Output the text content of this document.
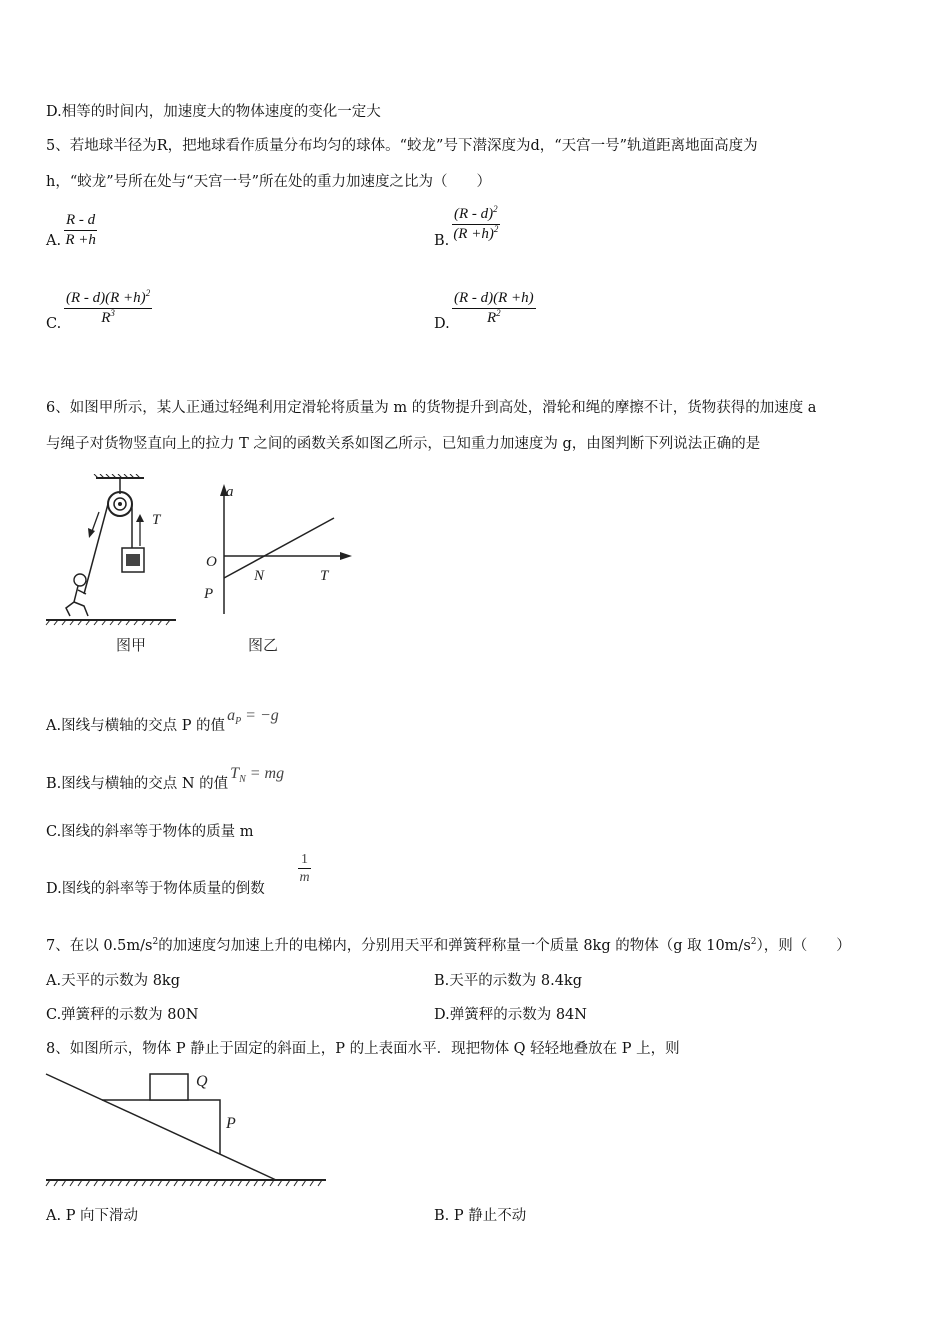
D.相等的时间内，加速度大的物体速度的变化一定大
5、若地球半径为R，把地球看作质量分布均匀的球体。“蛟龙”号下潜深度为d，“天宫一号”轨道距离地面高度为
h，“蛟龙”号所在处与“天宫一号”所在处的重力加速度之比为（　　）
A. $\frac{R - d}{R +h}$	B. $\frac{(R - d)^2}{(R +h)^2}$
C. $\frac{(R - d)(R +h)^2}{R^3}$	D. $\frac{(R - d)(R +h)}{R^2}$
6、如图甲所示，某人正通过轻绳利用定滑轮将质量为 m 的货物提升到高处，滑轮和绳的摩擦不计，货物获得的加速度 a
与绳子对货物竖直向上的拉力 T 之间的函数关系如图乙所示，已知重力加速度为 g，由图判断下列说法正确的是
T
图甲
a
O
N	T
P
图乙
A.图线与横轴的交点 P 的值$a_P = -g$
B.图线与横轴的交点 N 的值$T_N$ = mg
C.图线的斜率等于物体的质量 m
D.图线的斜率等于物体质量的倒数
$\frac{1}{m}$
7、在以 $0.5m/s^2$的加速度匀加速上升的电梯内，分别用天平和弹簧秤称量一个质量 8kg 的物体（g 取 $10m/s^2$），则（　　）
A.天平的示数为 8kg	B.天平的示数为 8.4kg
C.弹簧秤的示数为 80N	D.弹簧秤的示数为 84N
8、如图所示，物体 P 静止于固定的斜面上，P 的上表面水平．现把物体 Q 轻轻地叠放在 P 上，则
Q
P
A. P 向下滑动	B. P 静止不动
